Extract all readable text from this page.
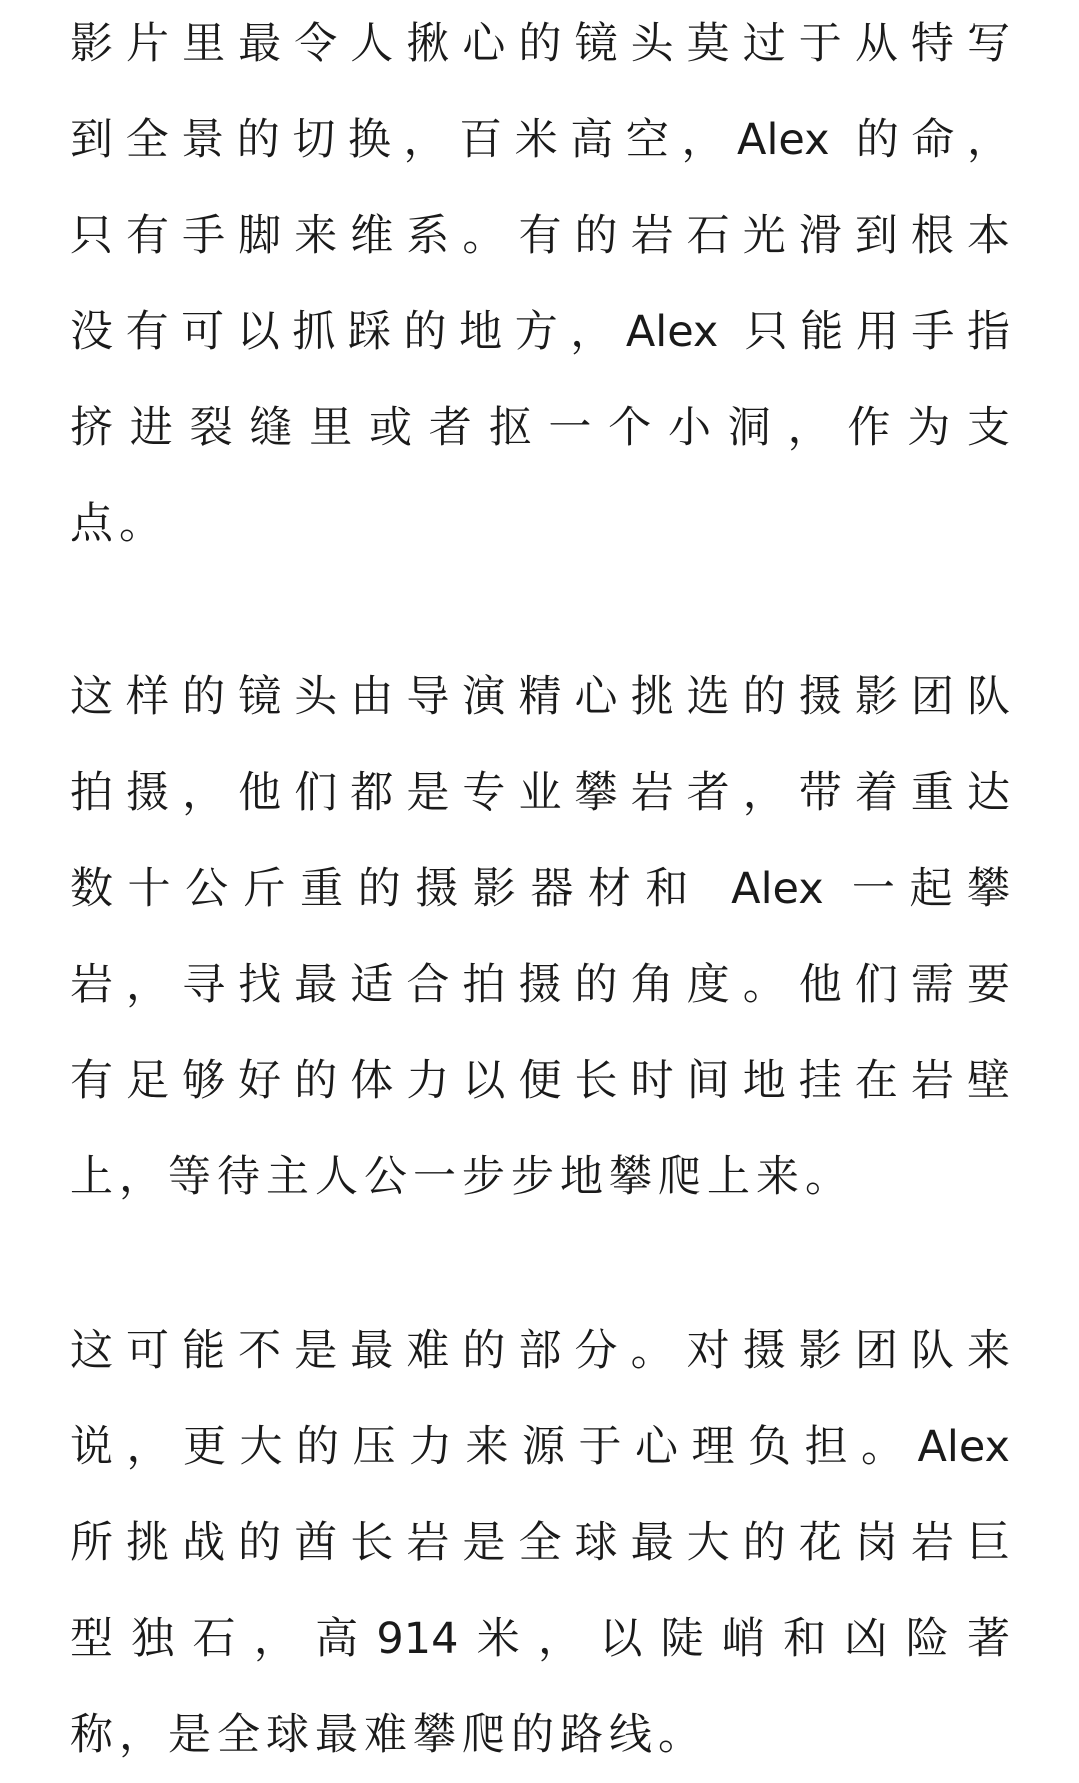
影片里最令人揪心的镜头莫过于从特写
到全景的切换，百米高空，Alex 的命，
只有手脚来维系。有的岩石光滑到根本
没有可以抓踩的地方，Alex 只能用手指
挤进裂缝里或者抠一个小洞，作为支
点。

这样的镜头由导演精心挑选的摄影团队
拍摄，他们都是专业攀岩者，带着重达
数十公斤重的摄影器材和 Alex 一起攀
岩，寻找最适合拍摄的角度。他们需要
有足够好的体力以便长时间地挂在岩壁
上，等待主人公一步步地攀爬上来。

这可能不是最难的部分。对摄影团队来
说，更大的压力来源于心理负担。Alex
所挑战的酋长岩是全球最大的花岗岩巨
型独石，高914米，以陡峭和凶险著
称，是全球最难攀爬的路线。
